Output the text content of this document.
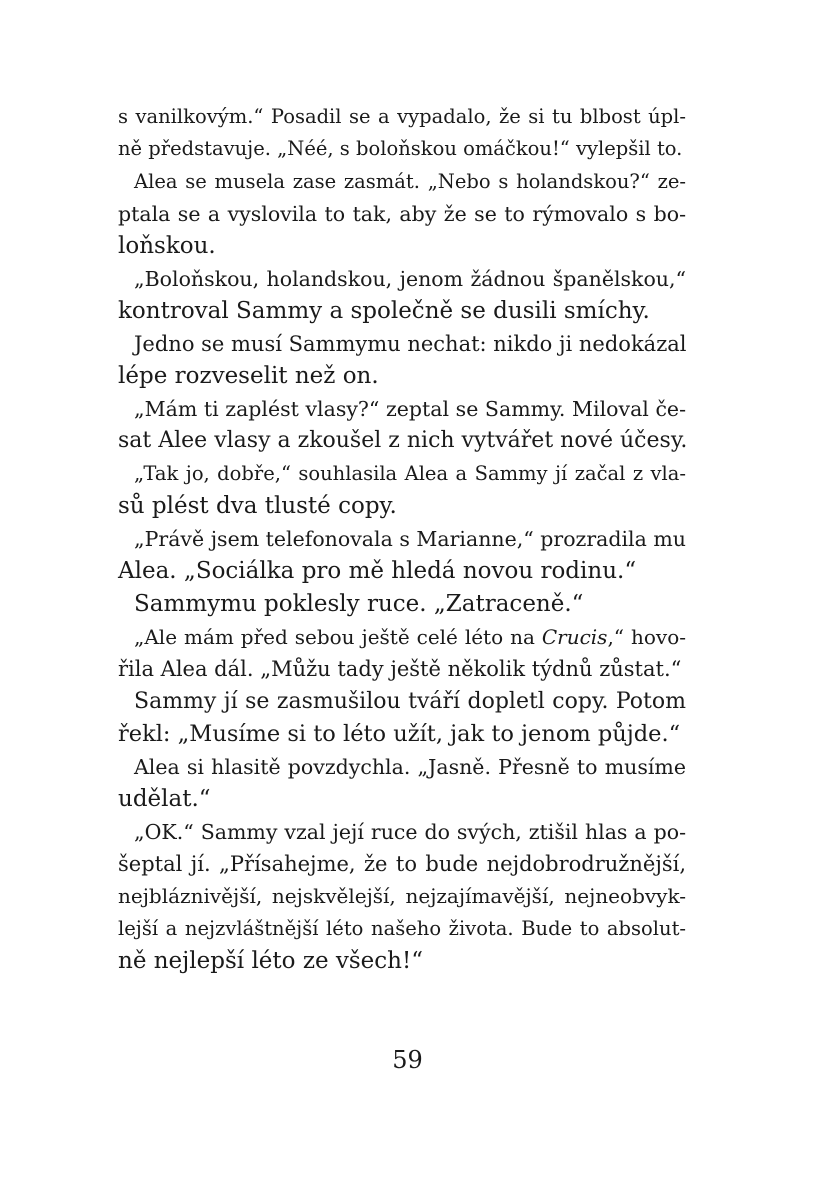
s vanilkovým.“ Posadil se a vypadalo, že si tu blbost úpl-

ně představuje. „Néé, s boloňskou omáčkou!“ vylepšil to.

Alea se musela zase zasmát. „Nebo s holandskou?“ ze-

ptala se a vyslovila to tak, aby že se to rýmovalo s bo-

loňskou.

„Boloňskou, holandskou, jenom žádnou španělskou,“

kontroval Sammy a společně se dusili smíchy.

Jedno se musí Sammymu nechat: nikdo ji nedokázal

lépe rozveselit než on.

„Mám ti zaplést vlasy?“ zeptal se Sammy. Miloval če-

sat Alee vlasy a zkoušel z nich vytvářet nové účesy.

„Tak jo, dobře,“ souhlasila Alea a Sammy jí začal z vla-

sů plést dva tlusté copy.

„Právě jsem telefonovala s Marianne,“ prozradila mu

Alea. „Sociálka pro mě hledá novou rodinu.“

Sammymu poklesly ruce. „Zatraceně.“

„Ale mám před sebou ještě celé léto na Crucis,“ hovo-

řila Alea dál. „Můžu tady ještě několik týdnů zůstat.“

Sammy jí se zasmušilou tváří dopletl copy. Potom

řekl: „Musíme si to léto užít, jak to jenom půjde.“

Alea si hlasitě povzdychla. „Jasně. Přesně to musíme

udělat.“

„OK.“ Sammy vzal její ruce do svých, ztišil hlas a po-

šeptal jí. „Přísahejme, že to bude nejdobrodružnější,

nejbláznivější, nejskvělejší, nejzajímavější, nejneobvyk-

lejší a nejzvláštnější léto našeho života. Bude to absolut-

ně nejlepší léto ze všech!“

59
